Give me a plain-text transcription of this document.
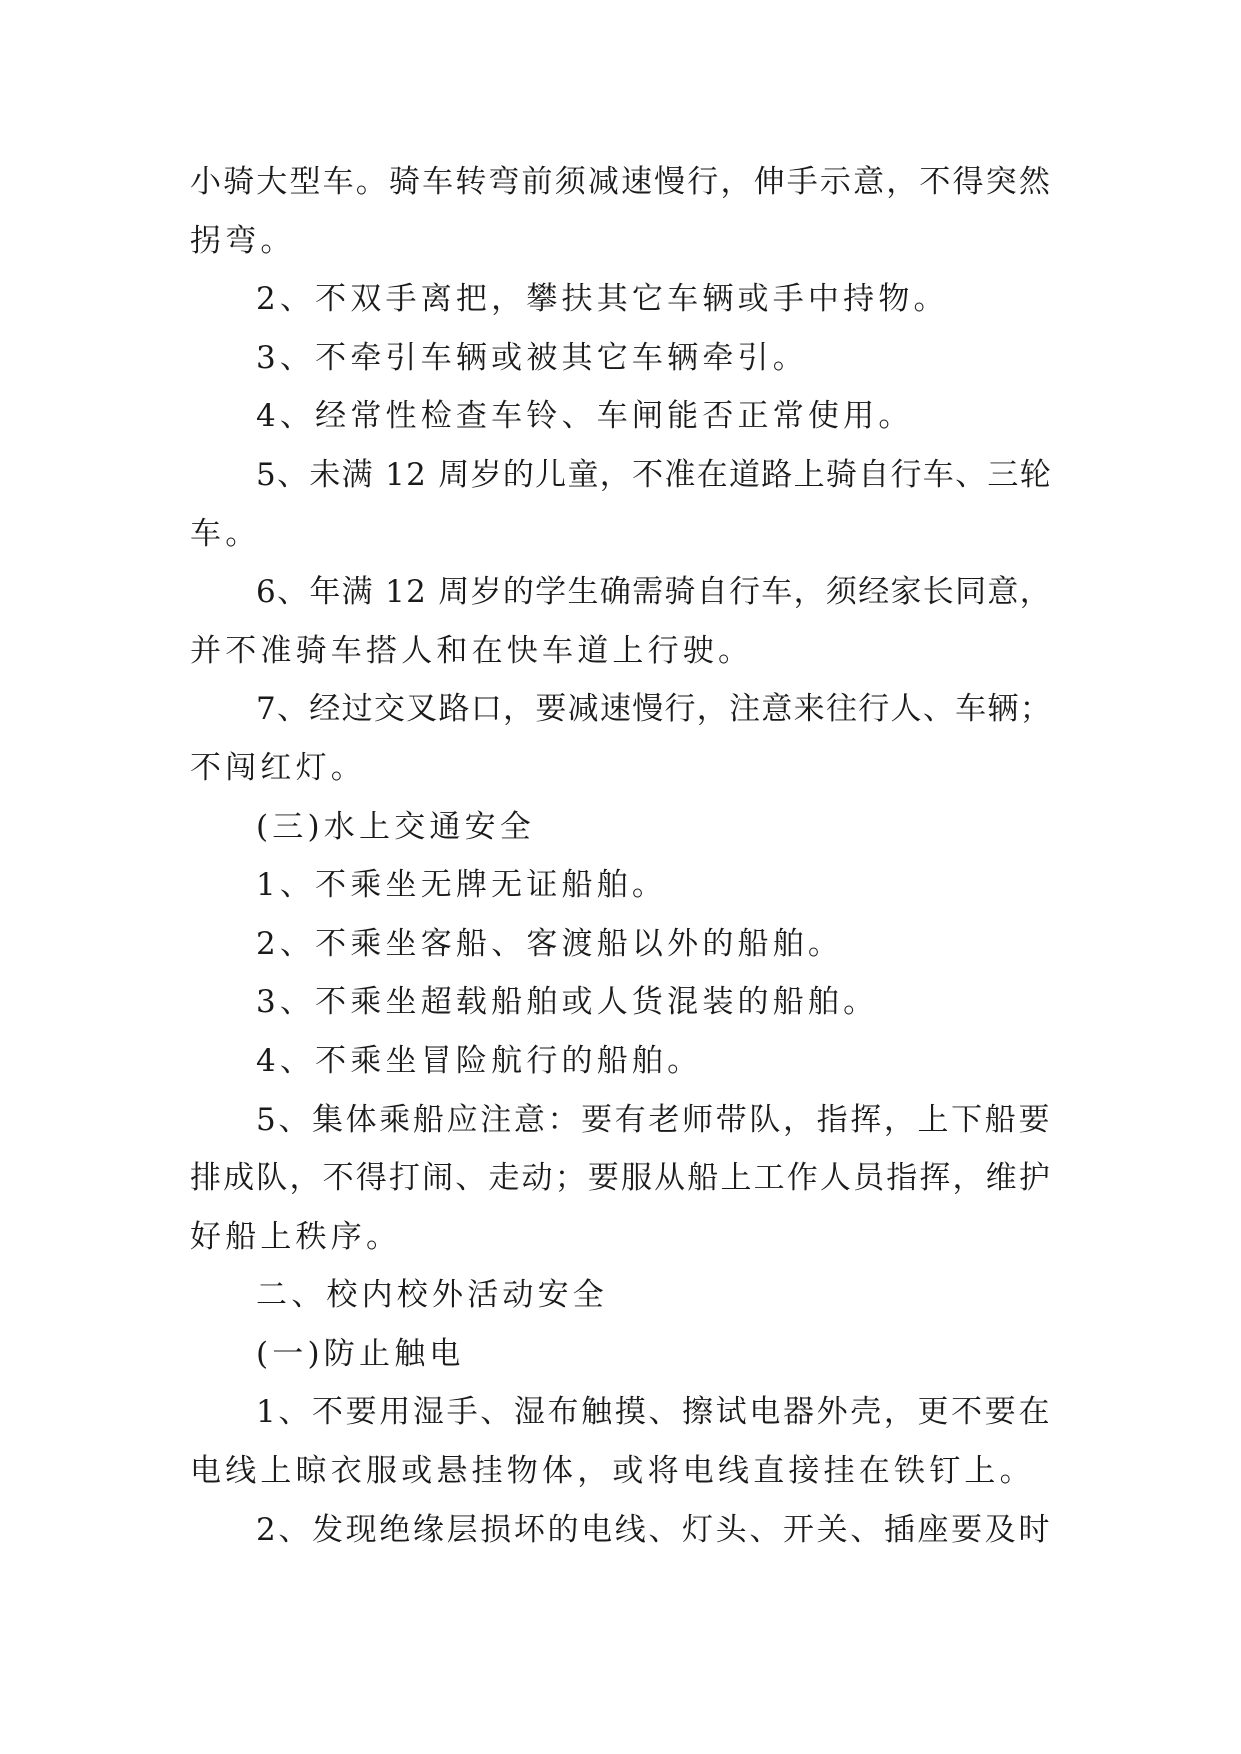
小骑大型车。骑车转弯前须减速慢行，伸手示意，不得突然
拐弯。
2、不双手离把，攀扶其它车辆或手中持物。
3、不牵引车辆或被其它车辆牵引。
4、经常性检查车铃、车闸能否正常使用。
5、未满 12 周岁的儿童，不准在道路上骑自行车、三轮
车。
6、年满 12 周岁的学生确需骑自行车，须经家长同意，
并不准骑车搭人和在快车道上行驶。
7、经过交叉路口，要减速慢行，注意来往行人、车辆；
不闯红灯。
(三)水上交通安全
1、不乘坐无牌无证船舶。
2、不乘坐客船、客渡船以外的船舶。
3、不乘坐超载船舶或人货混装的船舶。
4、不乘坐冒险航行的船舶。
5、集体乘船应注意：要有老师带队，指挥，上下船要
排成队，不得打闹、走动；要服从船上工作人员指挥，维护
好船上秩序。
二、校内校外活动安全
(一)防止触电
1、不要用湿手、湿布触摸、擦试电器外壳，更不要在
电线上晾衣服或悬挂物体，或将电线直接挂在铁钉上。
2、发现绝缘层损坏的电线、灯头、开关、插座要及时
